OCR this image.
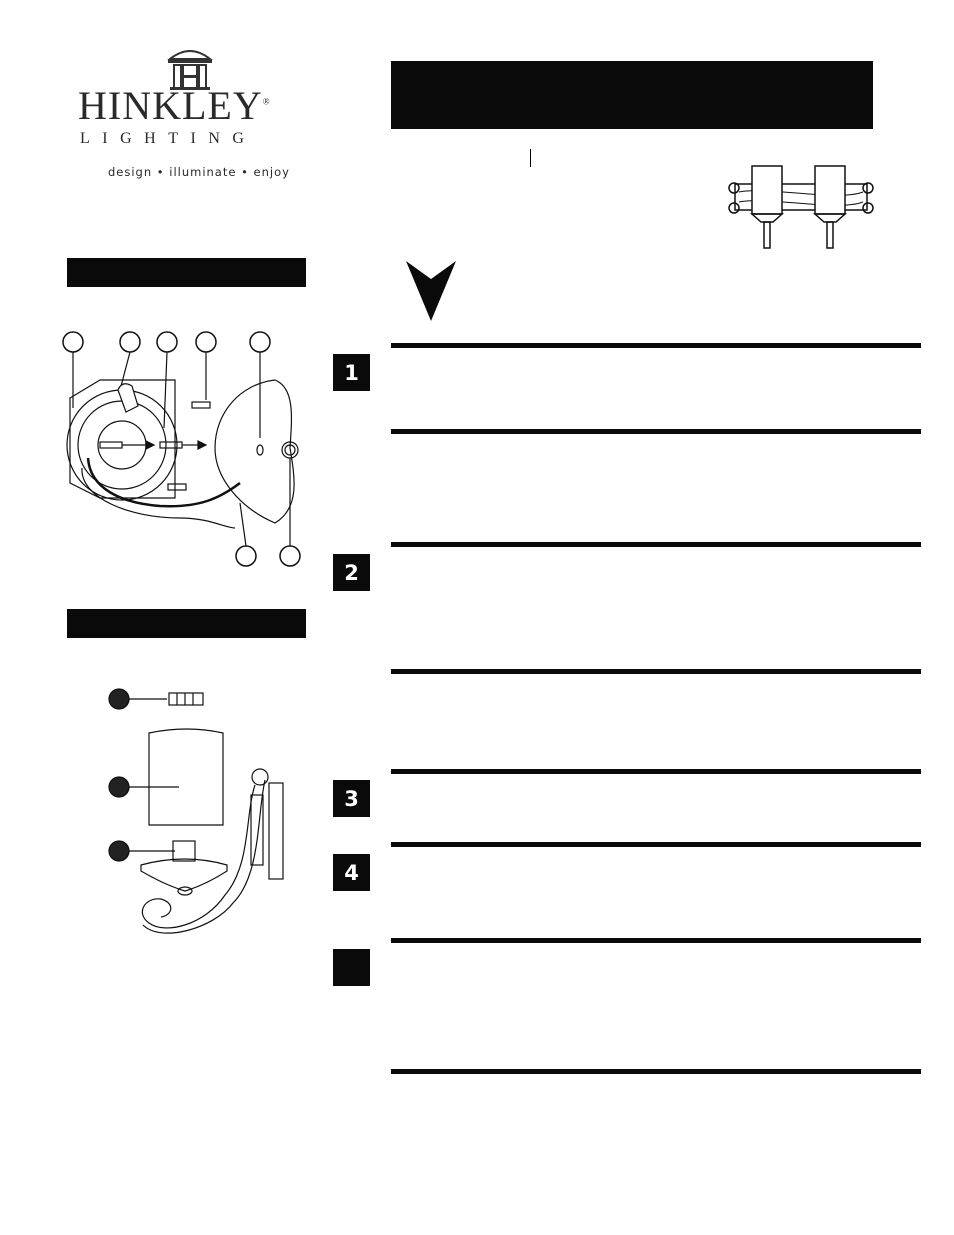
HINKLEY®
LIGHTING
design • illuminate • enjoy
1
2
3
4
